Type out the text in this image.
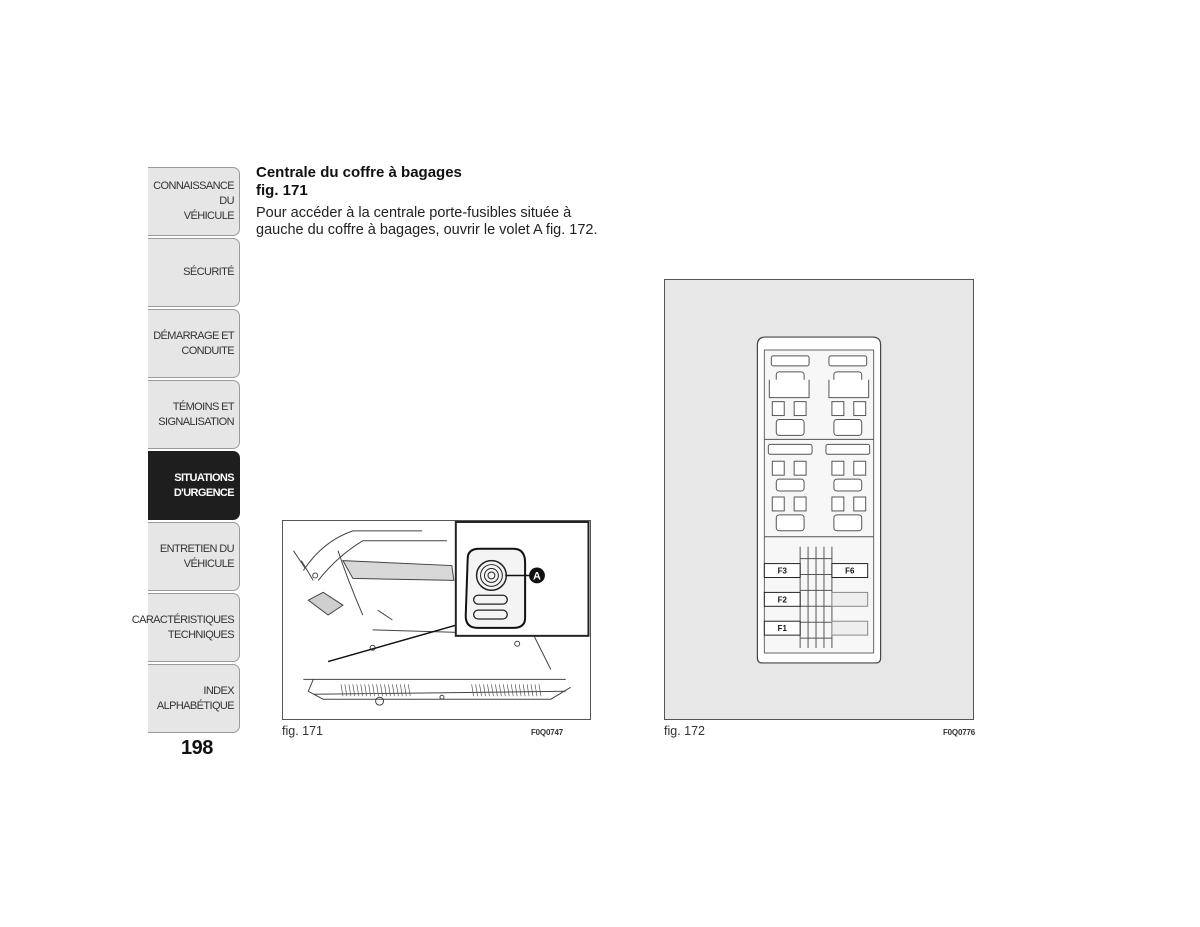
CONNAISSANCE DU
VÉHICULE
SÉCURITÉ
DÉMARRAGE ET
CONDUITE
TÉMOINS ET
SIGNALISATION
SITUATIONS
D'URGENCE
ENTRETIEN DU
VÉHICULE
CARACTÉRISTIQUES
TECHNIQUES
INDEX
ALPHABÉTIQUE
198
Centrale du coffre à bagages
fig. 171
Pour accéder à la centrale porte-fusibles située à gauche du coffre à bagages, ouvrir le volet A fig. 172.
A
fig. 171	F0Q0747
F3	F6
F2
F1
fig. 172	F0Q0776
